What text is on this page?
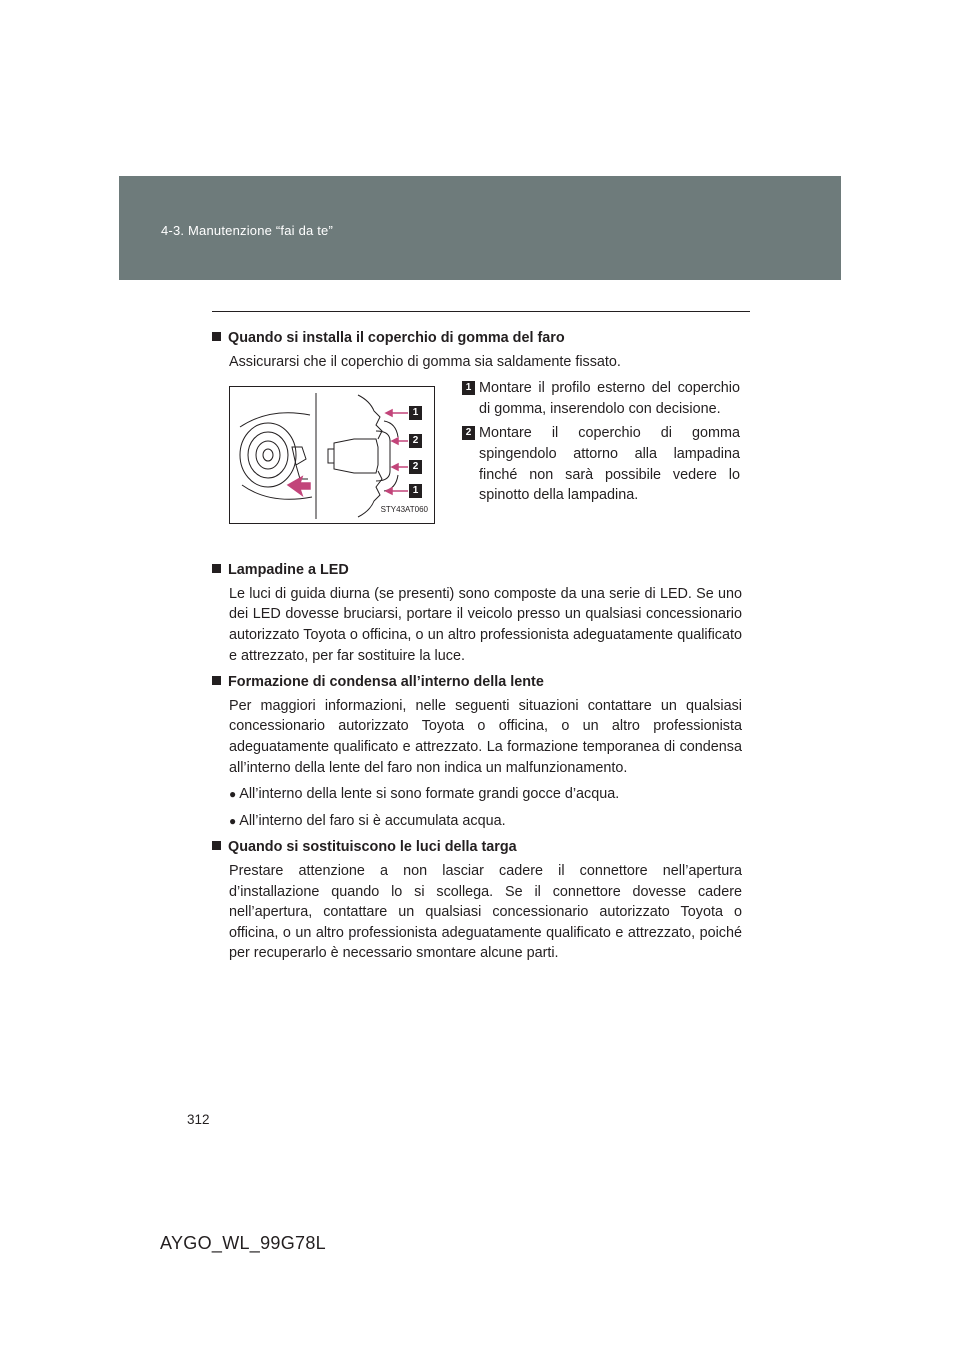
4-3. Manutenzione “fai da te”
Quando si installa il coperchio di gomma del faro
Assicurarsi che il coperchio di gomma sia saldamente fissato.
1
2
2
1
STY43AT060
1 Montare il profilo esterno del coperchio di gomma, inserendolo con decisione.
2 Montare il coperchio di gomma spingendolo attorno alla lampadina finché non sarà possibile vedere lo spinotto della lampadina.
Lampadine a LED
Le luci di guida diurna (se presenti) sono composte da una serie di LED. Se uno dei LED dovesse bruciarsi, portare il veicolo presso un qualsiasi concessionario autorizzato Toyota o officina, o un altro professionista adeguatamente qualificato e attrezzato, per far sostituire la luce.
Formazione di condensa all’interno della lente
Per maggiori informazioni, nelle seguenti situazioni contattare un qualsiasi concessionario autorizzato Toyota o officina, o un altro professionista adeguatamente qualificato e attrezzato. La formazione temporanea di condensa all’interno della lente del faro non indica un malfunzionamento.
● All’interno della lente si sono formate grandi gocce d’acqua.
● All’interno del faro si è accumulata acqua.
Quando si sostituiscono le luci della targa
Prestare attenzione a non lasciar cadere il connettore nell’apertura d’installazione quando lo si scollega. Se il connettore dovesse cadere nell’apertura, contattare un qualsiasi concessionario autorizzato Toyota o officina, o un altro professionista adeguatamente qualificato e attrezzato, poiché per recuperarlo è necessario smontare alcune parti.
312
AYGO_WL_99G78L
